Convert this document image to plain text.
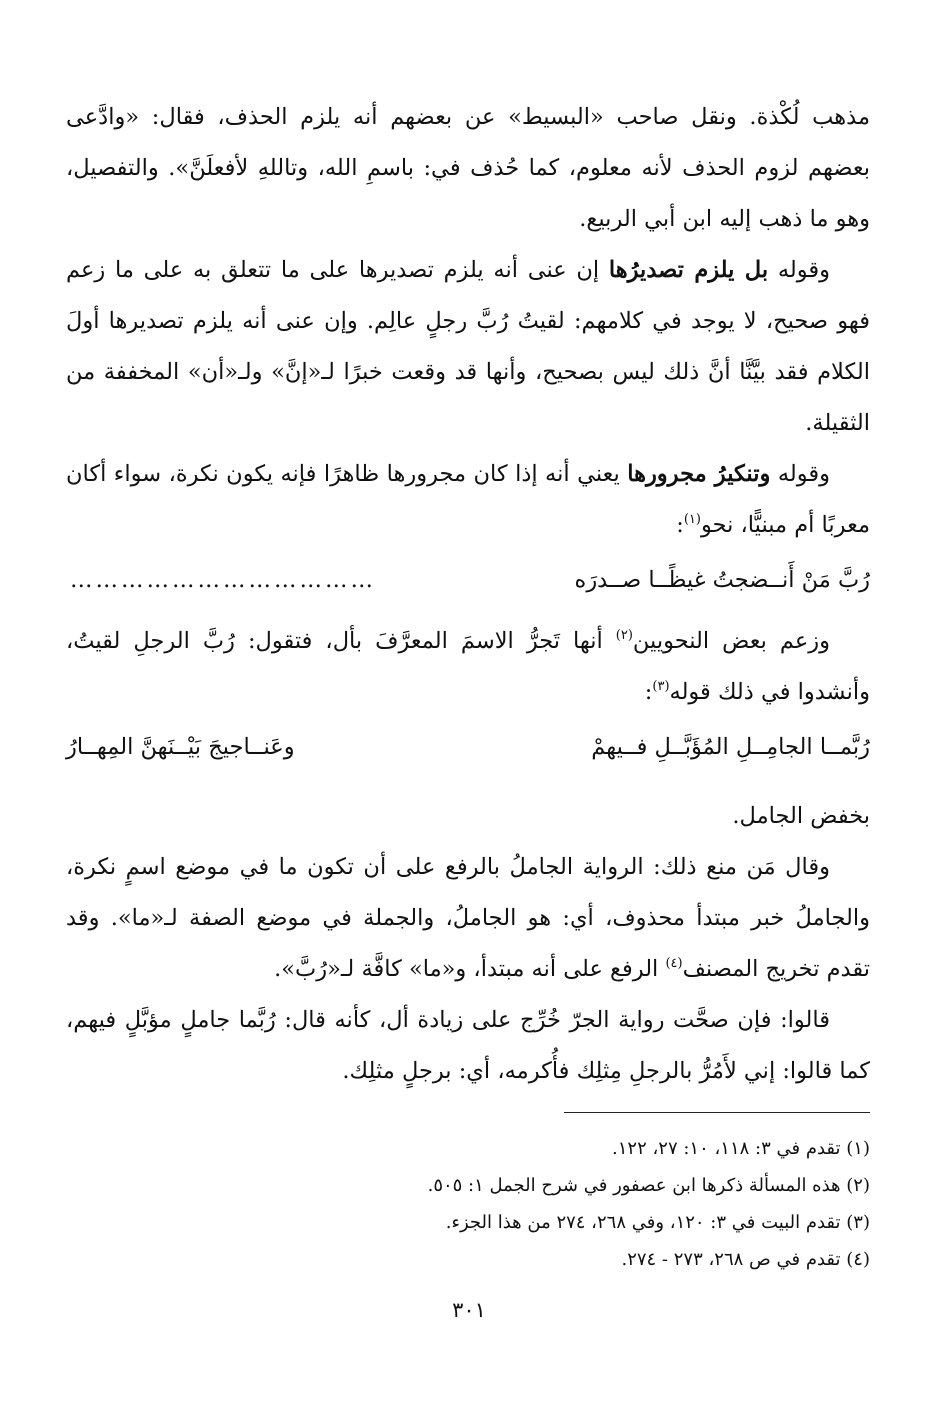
مذهب لُكْذة. ونقل صاحب «البسيط» عن بعضهم أنه يلزم الحذف، فقال: «وادَّعى بعضهم لزوم الحذف لأنه معلوم، كما حُذف في: باسمِ الله، وتاللهِ لأفعلَنَّ». والتفصيل، وهو ما ذهب إليه ابن أبي الربيع.

وقوله بل يلزم تصديرُها إن عنى أنه يلزم تصديرها على ما تتعلق به على ما زعم فهو صحيح، لا يوجد في كلامهم: لقيتُ رُبَّ رجلٍ عالِم. وإن عنى أنه يلزم تصديرها أولَ الكلام فقد بيَّنَّا أنَّ ذلك ليس بصحيح، وأنها قد وقعت خبرًا لـ«إنَّ» ولـ«أن» المخففة من الثقيلة.

وقوله وتنكيرُ مجرورها يعني أنه إذا كان مجرورها ظاهرًا فإنه يكون نكرة، سواء أكان معربًا أم مبنيًّا، نحو$^{(١)}$:

رُبَّ مَنْ أَنــضجتُ غيظًــا صــدرَه
………………………………

وزعم بعض النحويين$^{(٢)}$ أنها تَجرُّ الاسمَ المعرَّفَ بأل، فتقول: رُبَّ الرجلِ لقيتُ، وأنشدوا في ذلك قوله$^{(٣)}$:

رُبَّمــا الجامِــلِ المُؤَبَّــلِ فــيهمْ
وعَنــاجيجَ بَيْــنَهنَّ المِهــارُ

بخفض الجامل.

وقال مَن منع ذلك: الرواية الجاملُ بالرفع على أن تكون ما في موضع اسمٍ نكرة، والجاملُ خبر مبتدأ محذوف، أي: هو الجاملُ، والجملة في موضع الصفة لـ«ما». وقد تقدم تخريج المصنف$^{(٤)}$ الرفع على أنه مبتدأ، و«ما» كافَّة لـ«رُبَّ».

قالوا: فإن صحَّت رواية الجرّ خُرِّج على زيادة أل، كأنه قال: رُبَّما جاملٍ مؤبَّلٍ فيهم، كما قالوا: إني لأَمُرُّ بالرجلِ مِثلِك فأُكرمه، أي: برجلٍ مثلِك.

(١) تقدم في ٣: ١١٨، ١٠: ٢٧، ١٢٢.

(٢) هذه المسألة ذكرها ابن عصفور في شرح الجمل ١: ٥٠٥.

(٣) تقدم البيت في ٣: ١٢٠، وفي ٢٦٨، ٢٧٤ من هذا الجزء.

(٤) تقدم في ص ٢٦٨، ٢٧٣ - ٢٧٤.

٣٠١
